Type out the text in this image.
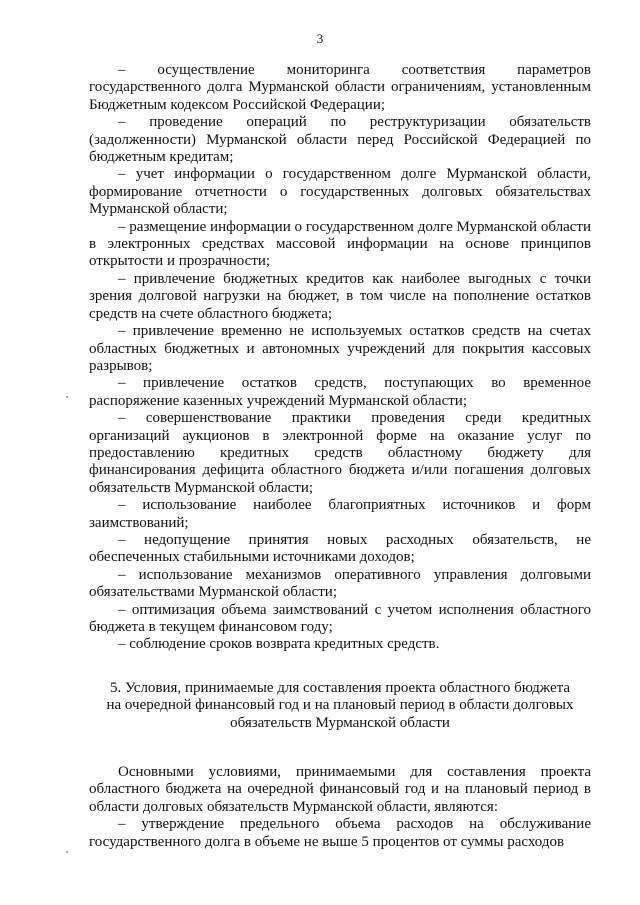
3

– осуществление мониторинга соответствия параметров государственного долга Мурманской области ограничениям, установленным Бюджетным кодексом Российской Федерации;

– проведение операций по реструктуризации обязательств (задолженности) Мурманской области перед Российской Федерацией по бюджетным кредитам;

– учет информации о государственном долге Мурманской области, формирование отчетности о государственных долговых обязательствах Мурманской области;

– размещение информации о государственном долге Мурманской области в электронных средствах массовой информации на основе принципов открытости и прозрачности;

– привлечение бюджетных кредитов как наиболее выгодных с точки зрения долговой нагрузки на бюджет, в том числе на пополнение остатков средств на счете областного бюджета;

– привлечение временно не используемых остатков средств на счетах областных бюджетных и автономных учреждений для покрытия кассовых разрывов;

– привлечение остатков средств, поступающих во временное распоряжение казенных учреждений Мурманской области;

– совершенствование практики проведения среди кредитных организаций аукционов в электронной форме на оказание услуг по предоставлению кредитных средств областному бюджету для финансирования дефицита областного бюджета и/или погашения долговых обязательств Мурманской области;

– использование наиболее благоприятных источников и форм заимствований;

– недопущение принятия новых расходных обязательств, не обеспеченных стабильными источниками доходов;

– использование механизмов оперативного управления долговыми обязательствами Мурманской области;

– оптимизация объема заимствований с учетом исполнения областного бюджета в текущем финансовом году;

– соблюдение сроков возврата кредитных средств.

5. Условия, принимаемые для составления проекта областного бюджета
на очередной финансовый год и на плановый период в области долговых
обязательств Мурманской области

Основными условиями, принимаемыми для составления проекта областного бюджета на очередной финансовый год и на плановый период в области долговых обязательств Мурманской области, являются:

– утверждение предельного объема расходов на обслуживание государственного долга в объеме не выше 5 процентов от суммы расходов
